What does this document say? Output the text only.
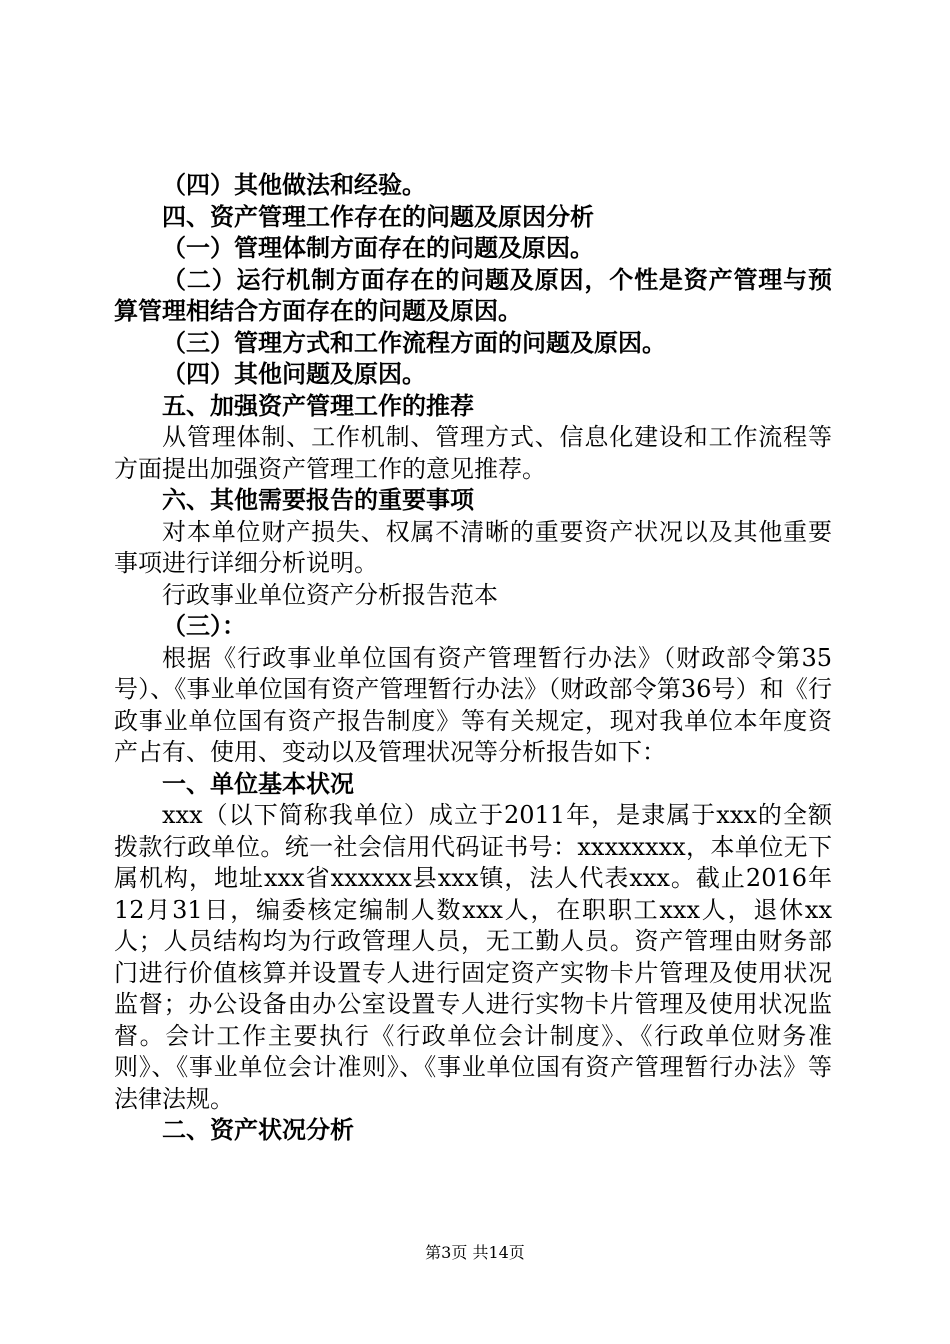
（四）其他做法和经验。

四、资产管理工作存在的问题及原因分析

（一）管理体制方面存在的问题及原因。

（二）运行机制方面存在的问题及原因，个性是资产管理与预算管理相结合方面存在的问题及原因。

（三）管理方式和工作流程方面的问题及原因。

（四）其他问题及原因。

五、加强资产管理工作的推荐

从管理体制、工作机制、管理方式、信息化建设和工作流程等方面提出加强资产管理工作的意见推荐。

六、其他需要报告的重要事项

对本单位财产损失、权属不清晰的重要资产状况以及其他重要事项进行详细分析说明。

行政事业单位资产分析报告范本

（三）：

根据《行政事业单位国有资产管理暂行办法》（财政部令第35号）、《事业单位国有资产管理暂行办法》（财政部令第36号）和《行政事业单位国有资产报告制度》等有关规定，现对我单位本年度资产占有、使用、变动以及管理状况等分析报告如下：

一、单位基本状况

xxx（以下简称我单位）成立于2011年，是隶属于xxx的全额拨款行政单位。统一社会信用代码证书号：xxxxxxxx，本单位无下属机构，地址xxx省xxxxxx县xxx镇，法人代表xxx。截止2016年12月31日，编委核定编制人数xxx人，在职职工xxx人，退休xx人；人员结构均为行政管理人员，无工勤人员。资产管理由财务部门进行价值核算并设置专人进行固定资产实物卡片管理及使用状况监督；办公设备由办公室设置专人进行实物卡片管理及使用状况监督。会计工作主要执行《行政单位会计制度》、《行政单位财务准则》、《事业单位会计准则》、《事业单位国有资产管理暂行办法》等法律法规。

二、资产状况分析

第3页 共14页
